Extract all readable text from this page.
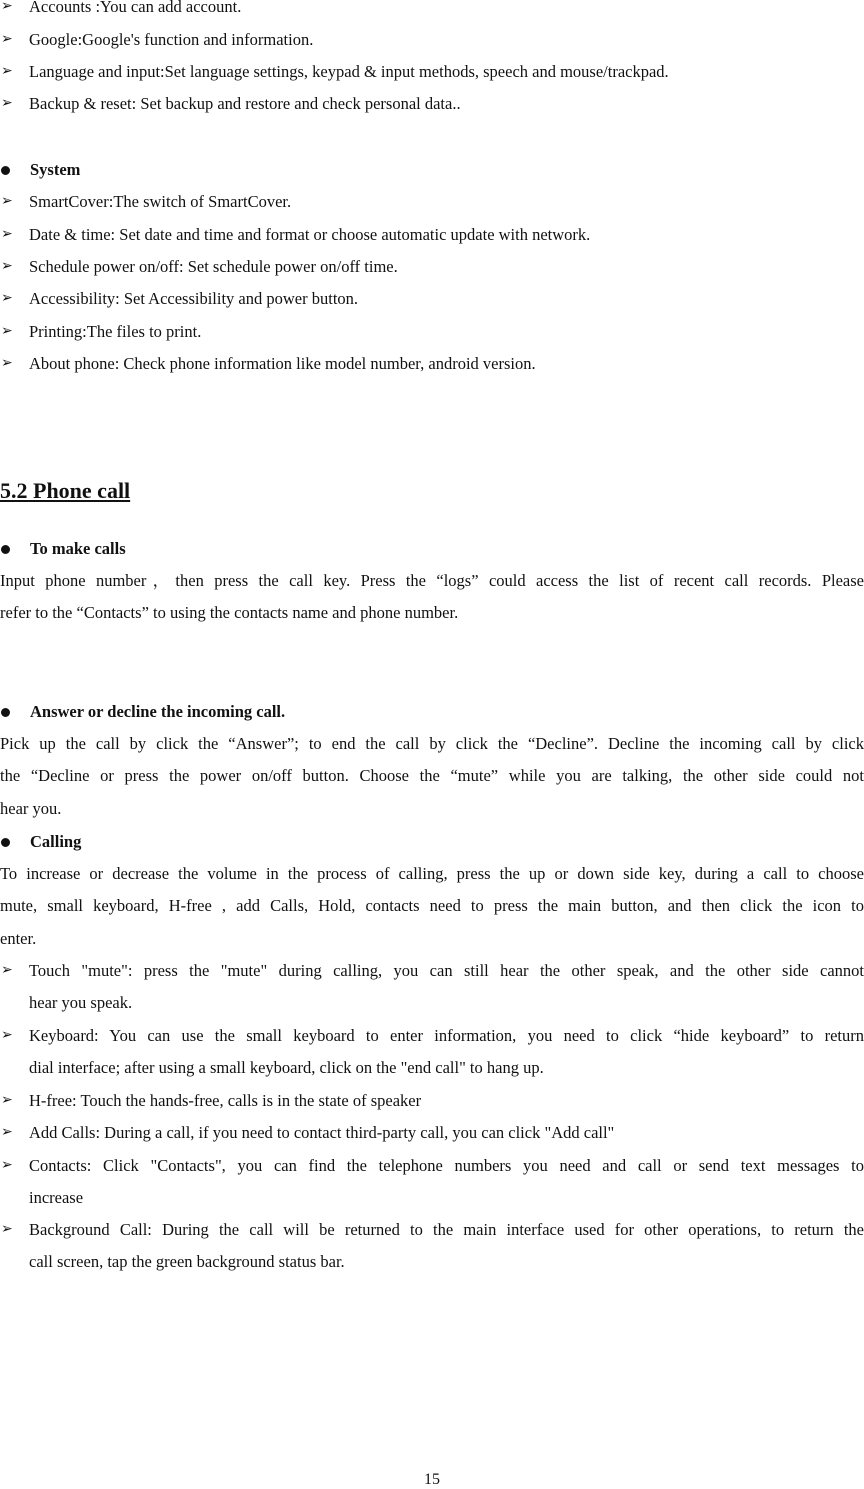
➢ Accounts :You can add account.
➢ Google:Google's function and information.
➢ Language and input:Set language settings, keypad & input methods, speech and mouse/trackpad.
➢ Backup & reset: Set backup and restore and check personal data..
System
➢ SmartCover:The switch of SmartCover.
➢ Date & time: Set date and time and format or choose automatic update with network.
➢ Schedule power on/off: Set schedule power on/off time.
➢ Accessibility: Set Accessibility and power button.
➢ Printing:The files to print.
➢ About phone: Check phone information like model number, android version.
5.2 Phone call
To make calls
Input phone number，then press the call key. Press the “logs” could access the list of recent call records. Please
refer to the “Contacts” to using the contacts name and phone number.
Answer or decline the incoming call.
Pick up the call by click the “Answer”; to end the call by click the “Decline”. Decline the incoming call by click
the “Decline or press the power on/off button. Choose the “mute” while you are talking, the other side could not
hear you.
Calling
To increase or decrease the volume in the process of calling, press the up or down side key, during a call to choose
mute, small keyboard, H-free , add Calls, Hold, contacts need to press the main button, and then click the icon to
enter.
➢ Touch "mute": press the "mute" during calling, you can still hear the other speak, and the other side cannot
hear you speak.
➢ Keyboard: You can use the small keyboard to enter information, you need to click “hide keyboard” to return
dial interface; after using a small keyboard, click on the "end call" to hang up.
➢ H-free: Touch the hands-free, calls is in the state of speaker
➢ Add Calls: During a call, if you need to contact third-party call, you can click "Add call"
➢ Contacts: Click "Contacts", you can find the telephone numbers you need and call or send text messages to
increase
➢ Background Call: During the call will be returned to the main interface used for other operations, to return the
call screen, tap the green background status bar.
15
